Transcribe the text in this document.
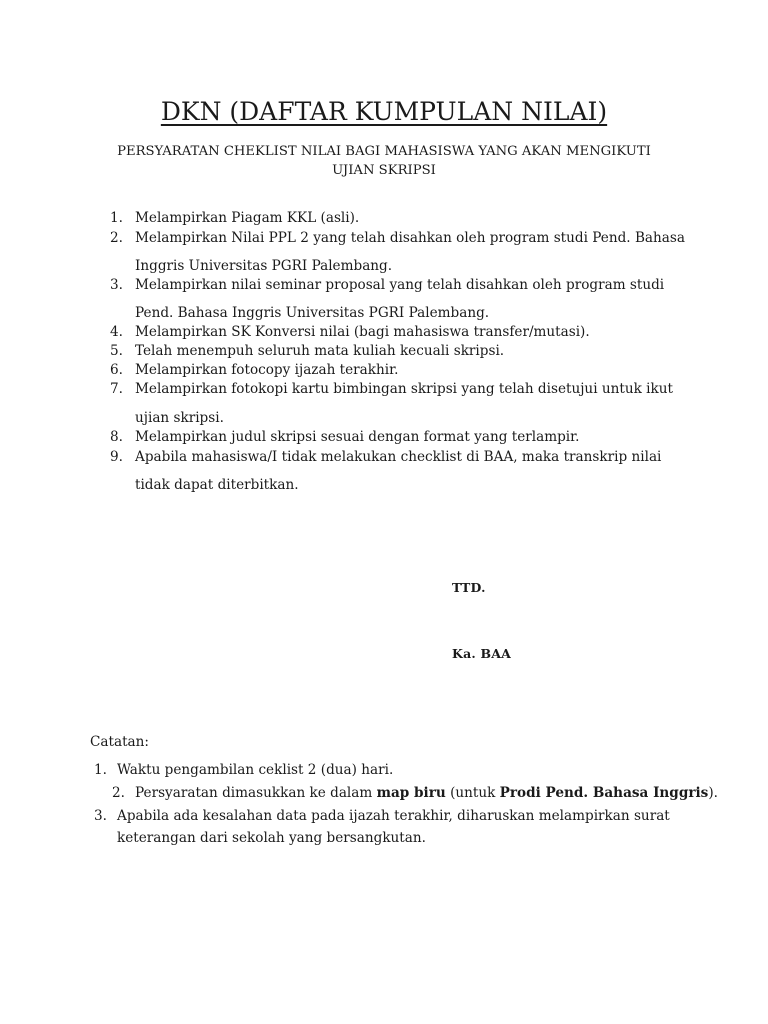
DKN (DAFTAR KUMPULAN NILAI)
PERSYARATAN CHEKLIST NILAI BAGI MAHASISWA YANG AKAN MENGIKUTI
UJIAN SKRIPSI
1. Melampirkan Piagam KKL (asli).
2. Melampirkan Nilai PPL 2 yang telah disahkan oleh program studi Pend. Bahasa
Inggris Universitas PGRI Palembang.
3. Melampirkan nilai seminar proposal yang telah disahkan oleh program studi
Pend. Bahasa Inggris Universitas PGRI Palembang.
4. Melampirkan SK Konversi nilai (bagi mahasiswa transfer/mutasi).
5. Telah menempuh seluruh mata kuliah kecuali skripsi.
6. Melampirkan fotocopy ijazah terakhir.
7. Melampirkan fotokopi kartu bimbingan skripsi yang telah disetujui untuk ikut
ujian skripsi.
8. Melampirkan judul skripsi sesuai dengan format yang terlampir.
9. Apabila mahasiswa/I tidak melakukan checklist di BAA, maka transkrip nilai
tidak dapat diterbitkan.
TTD.
Ka. BAA
Catatan:
1. Waktu pengambilan ceklist 2 (dua) hari.
2. Persyaratan dimasukkan ke dalam map biru (untuk Prodi Pend. Bahasa Inggris).
3. Apabila ada kesalahan data pada ijazah terakhir, diharuskan melampirkan surat
keterangan dari sekolah yang bersangkutan.
